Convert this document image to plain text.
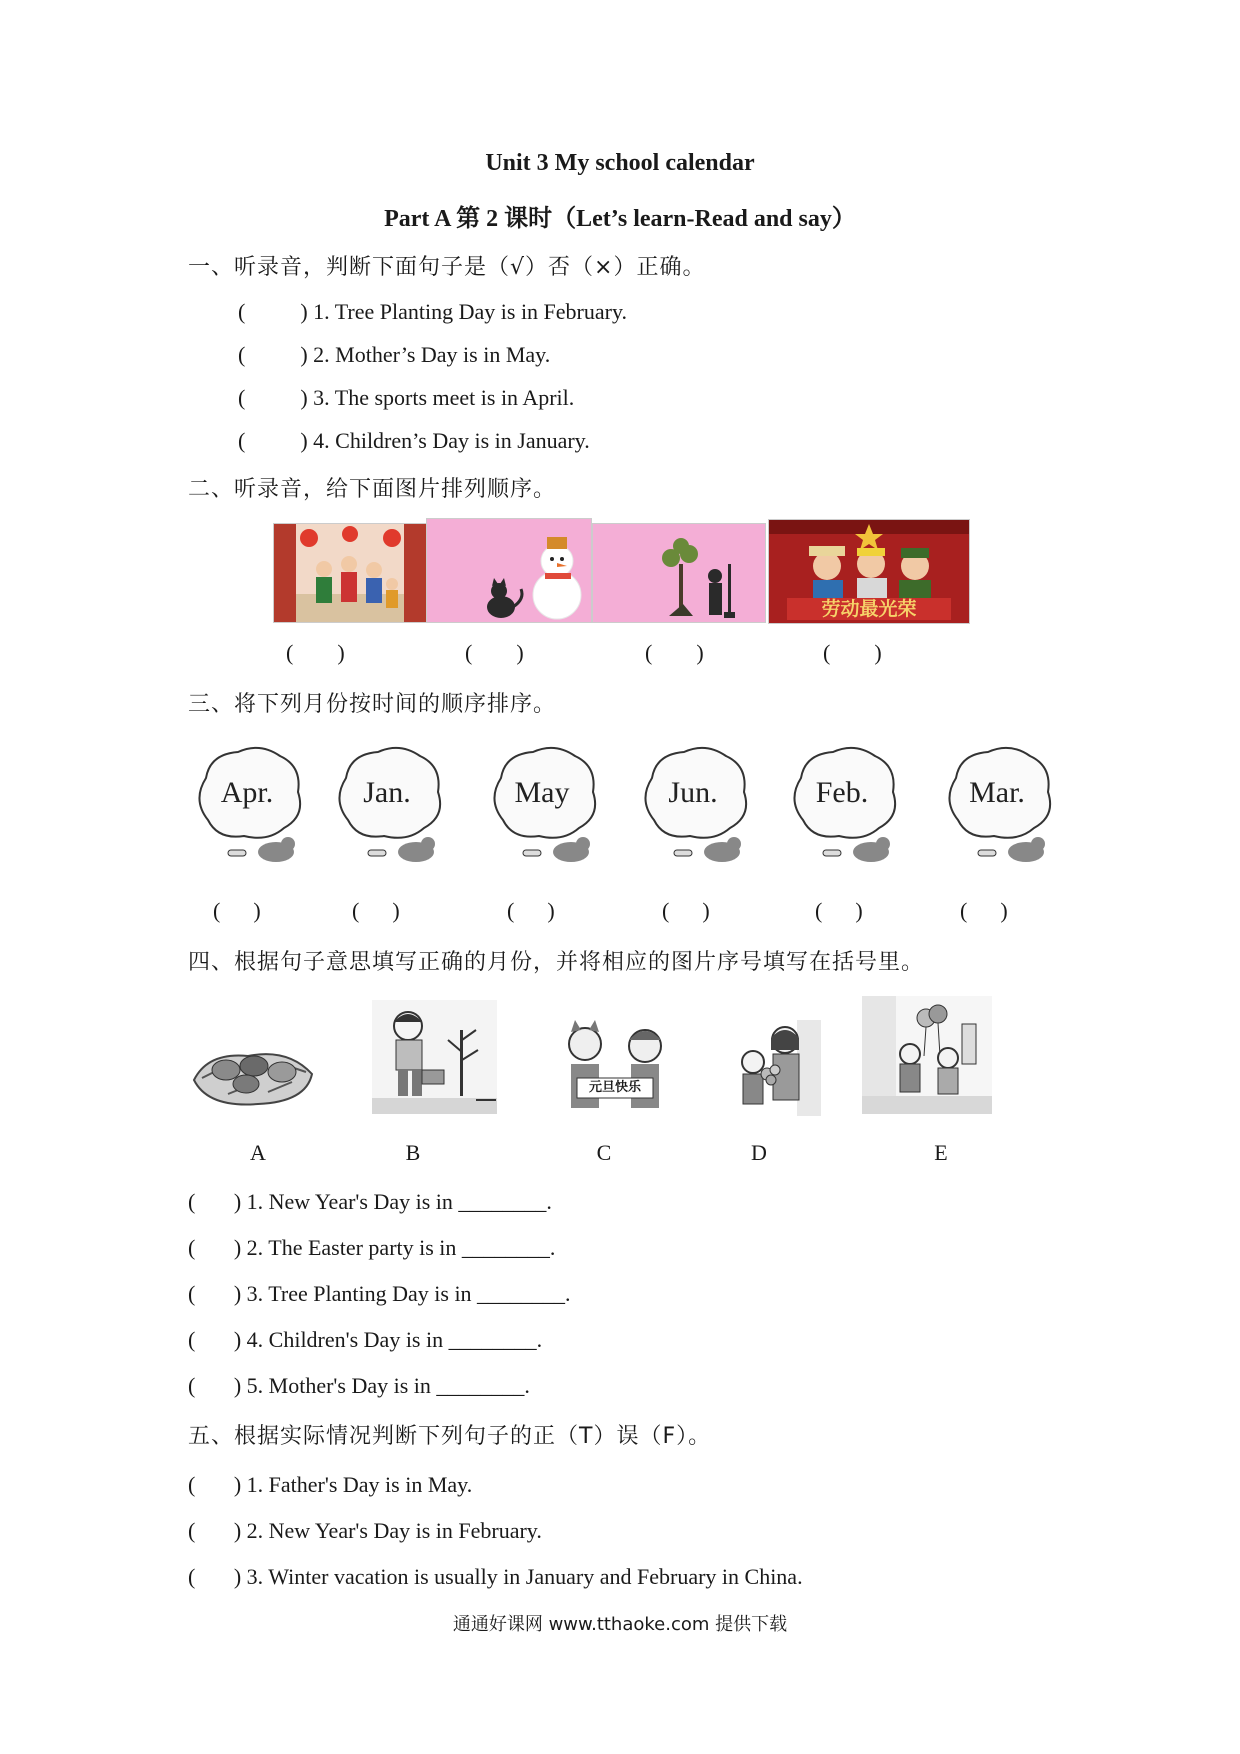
Unit 3 My school calendar
Part A 第 2 课时（Let’s learn-Read and say）
一、听录音，判断下面句子是（√）否（×）正确。
(          ) 1. Tree Planting Day is in February.
(          ) 2. Mother’s Day is in May.
(          ) 3. The sports meet is in April.
(          ) 4. Children’s Day is in January.
二、听录音，给下面图片排列顺序。
劳动最光荣
(        )	(        )	(        )	(        )
三、将下列月份按时间的顺序排序。
Apr.	Jan.	May	Jun.	Feb.	Mar.
(      )	(      )	(      )	(      )	(      )	(      )
四、根据句子意思填写正确的月份，并将相应的图片序号填写在括号里。
元旦快乐
A	B	C	D	E
(       ) 1. New Year's Day is in ________.
(       ) 2. The Easter party is in ________.
(       ) 3. Tree Planting Day is in ________.
(       ) 4. Children's Day is in ________.
(       ) 5. Mother's Day is in ________.
五、根据实际情况判断下列句子的正（T）误（F）。
(       ) 1. Father's Day is in May.
(       ) 2. New Year's Day is in February.
(       ) 3. Winter vacation is usually in January and February in China.
通通好课网 www.tthaoke.com 提供下载
